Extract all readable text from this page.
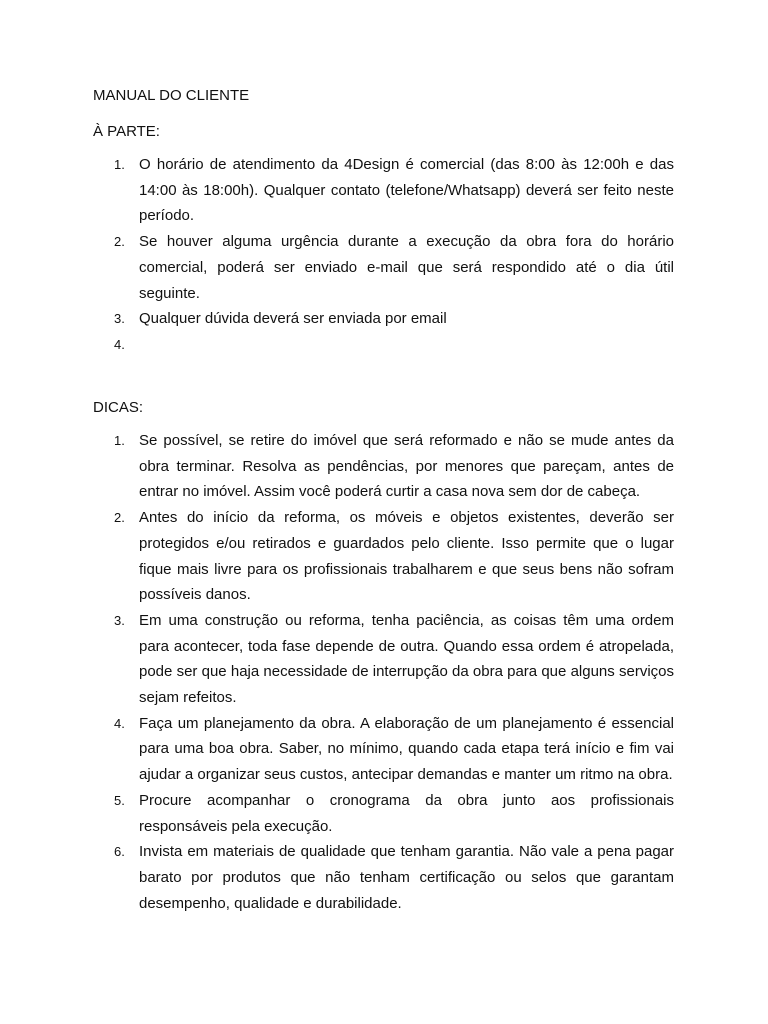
MANUAL DO CLIENTE
À PARTE:
1. O horário de atendimento da 4Design é comercial (das 8:00 às 12:00h e das 14:00 às 18:00h). Qualquer contato (telefone/Whatsapp) deverá ser feito neste período.
2. Se houver alguma urgência durante a execução da obra fora do horário comercial, poderá ser enviado e-mail que será respondido até o dia útil seguinte.
3. Qualquer dúvida deverá ser enviada por email
4.
DICAS:
1. Se possível, se retire do imóvel que será reformado e não se mude antes da obra terminar. Resolva as pendências, por menores que pareçam, antes de entrar no imóvel. Assim você poderá curtir a casa nova sem dor de cabeça.
2. Antes do início da reforma, os móveis e objetos existentes, deverão ser protegidos e/ou retirados e guardados pelo cliente. Isso permite que o lugar fique mais livre para os profissionais trabalharem e que seus bens não sofram possíveis danos.
3. Em uma construção ou reforma, tenha paciência, as coisas têm uma ordem para acontecer, toda fase depende de outra. Quando essa ordem é atropelada, pode ser que haja necessidade de interrupção da obra para que alguns serviços sejam refeitos.
4. Faça um planejamento da obra. A elaboração de um planejamento é essencial para uma boa obra. Saber, no mínimo, quando cada etapa terá início e fim vai ajudar a organizar seus custos, antecipar demandas e manter um ritmo na obra.
5. Procure acompanhar o cronograma da obra junto aos profissionais responsáveis pela execução.
6. Invista em materiais de qualidade que tenham garantia. Não vale a pena pagar barato por produtos que não tenham certificação ou selos que garantam desempenho, qualidade e durabilidade.
